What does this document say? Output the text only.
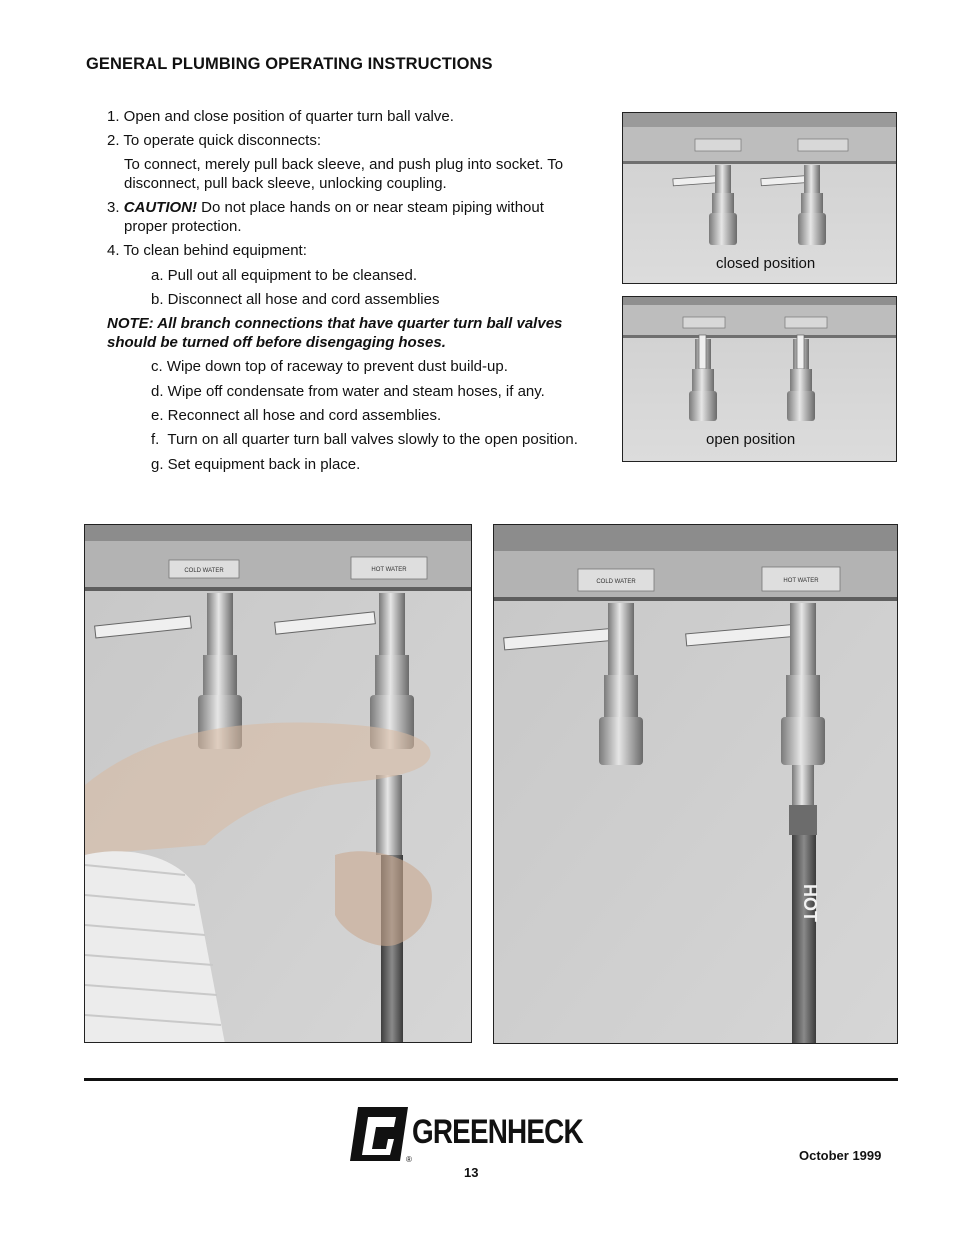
GENERAL PLUMBING OPERATING INSTRUCTIONS
1. Open and close position of quarter turn ball valve.
2. To operate quick disconnects:
To connect, merely pull back sleeve, and push plug into socket. To
disconnect, pull back sleeve, unlocking coupling.
3. CAUTION! Do not place hands on or near steam piping without
proper protection.
4. To clean behind equipment:
a. Pull out all equipment to be cleansed.
b. Disconnect all hose and cord assemblies
NOTE: All branch connections that have quarter turn ball valves
should be turned off before disengaging hoses.
c. Wipe down top of raceway to prevent dust build-up.
d. Wipe off condensate from water and steam hoses, if any.
e. Reconnect all hose and cord assemblies.
f.  Turn on all quarter turn ball valves slowly to the open position.
g. Set equipment back in place.
closed position
open position
COLD WATER	HOT WATER
COLD WATER	HOT WATER
HOT
GREENHECK
®
13
October 1999
